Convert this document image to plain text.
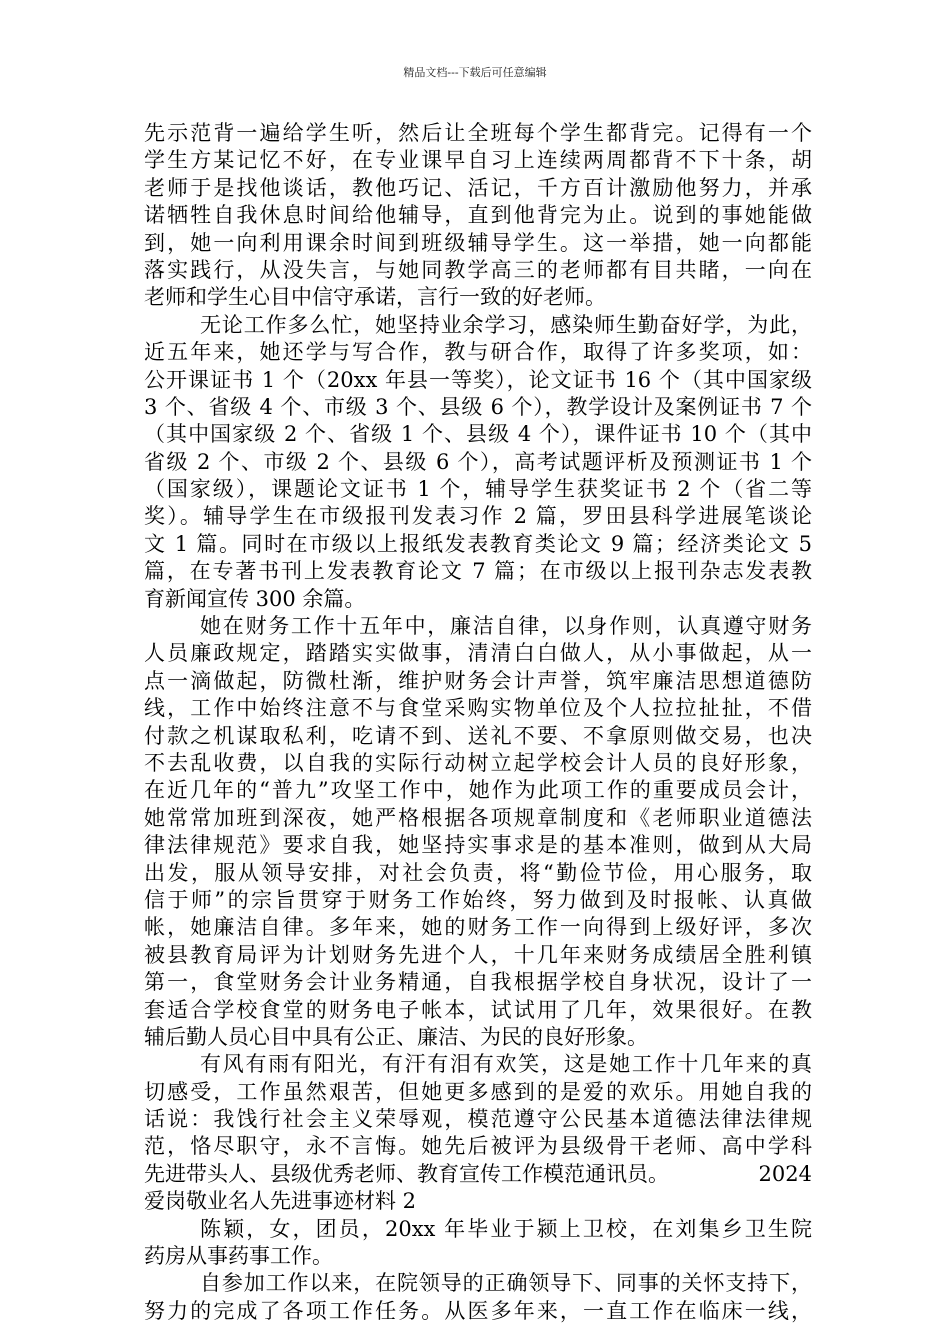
精品文档---下载后可任意编辑
先示范背一遍给学生听，然后让全班每个学生都背完。记得有一个
学生方某记忆不好，在专业课早自习上连续两周都背不下十条，胡
老师于是找他谈话，教他巧记、活记，千方百计激励他努力，并承
诺牺牲自我休息时间给他辅导，直到他背完为止。说到的事她能做
到，她一向利用课余时间到班级辅导学生。这一举措，她一向都能
落实践行，从没失言，与她同教学高三的老师都有目共睹，一向在
老师和学生心目中信守承诺，言行一致的好老师。
无论工作多么忙，她坚持业余学习，感染师生勤奋好学，为此，
近五年来，她还学与写合作，教与研合作，取得了许多奖项，如：
公开课证书 1 个（20xx 年县一等奖），论文证书 16 个（其中国家级
3 个、省级 4 个、市级 3 个、县级 6 个），教学设计及案例证书 7 个
（其中国家级 2 个、省级 1 个、县级 4 个），课件证书 10 个（其中
省级 2 个、市级 2 个、县级 6 个），高考试题评析及预测证书 1 个
（国家级），课题论文证书 1 个，辅导学生获奖证书 2 个（省二等
奖）。辅导学生在市级报刊发表习作 2 篇，罗田县科学进展笔谈论
文 1 篇。同时在市级以上报纸发表教育类论文 9 篇；经济类论文 5
篇，在专著书刊上发表教育论文 7 篇；在市级以上报刊杂志发表教
育新闻宣传 300 余篇。
她在财务工作十五年中，廉洁自律，以身作则，认真遵守财务
人员廉政规定，踏踏实实做事，清清白白做人，从小事做起，从一
点一滴做起，防微杜渐，维护财务会计声誉，筑牢廉洁思想道德防
线，工作中始终注意不与食堂采购实物单位及个人拉拉扯扯，不借
付款之机谋取私利，吃请不到、送礼不要、不拿原则做交易，也决
不去乱收费，以自我的实际行动树立起学校会计人员的良好形象，
在近几年的“普九”攻坚工作中，她作为此项工作的重要成员会计，
她常常加班到深夜，她严格根据各项规章制度和《老师职业道德法
律法律规范》要求自我，她坚持实事求是的基本准则，做到从大局
出发，服从领导安排，对社会负责，将“勤俭节俭，用心服务，取
信于师”的宗旨贯穿于财务工作始终，努力做到及时报帐、认真做
帐，她廉洁自律。多年来，她的财务工作一向得到上级好评，多次
被县教育局评为计划财务先进个人，十几年来财务成绩居全胜利镇
第一，食堂财务会计业务精通，自我根据学校自身状况，设计了一
套适合学校食堂的财务电子帐本，试试用了几年，效果很好。在教
辅后勤人员心目中具有公正、廉洁、为民的良好形象。
有风有雨有阳光，有汗有泪有欢笑，这是她工作十几年来的真
切感受，工作虽然艰苦，但她更多感到的是爱的欢乐。用她自我的
话说：我饯行社会主义荣辱观，模范遵守公民基本道德法律法律规
范，恪尽职守，永不言悔。她先后被评为县级骨干老师、高中学科
先进带头人、县级优秀老师、教育宣传工作模范通讯员。	2024
爱岗敬业名人先进事迹材料 2
陈颖，女，团员，20xx 年毕业于颍上卫校，在刘集乡卫生院
药房从事药事工作。
自参加工作以来，在院领导的正确领导下、同事的关怀支持下，
努力的完成了各项工作任务。从医多年来，一直工作在临床一线，
